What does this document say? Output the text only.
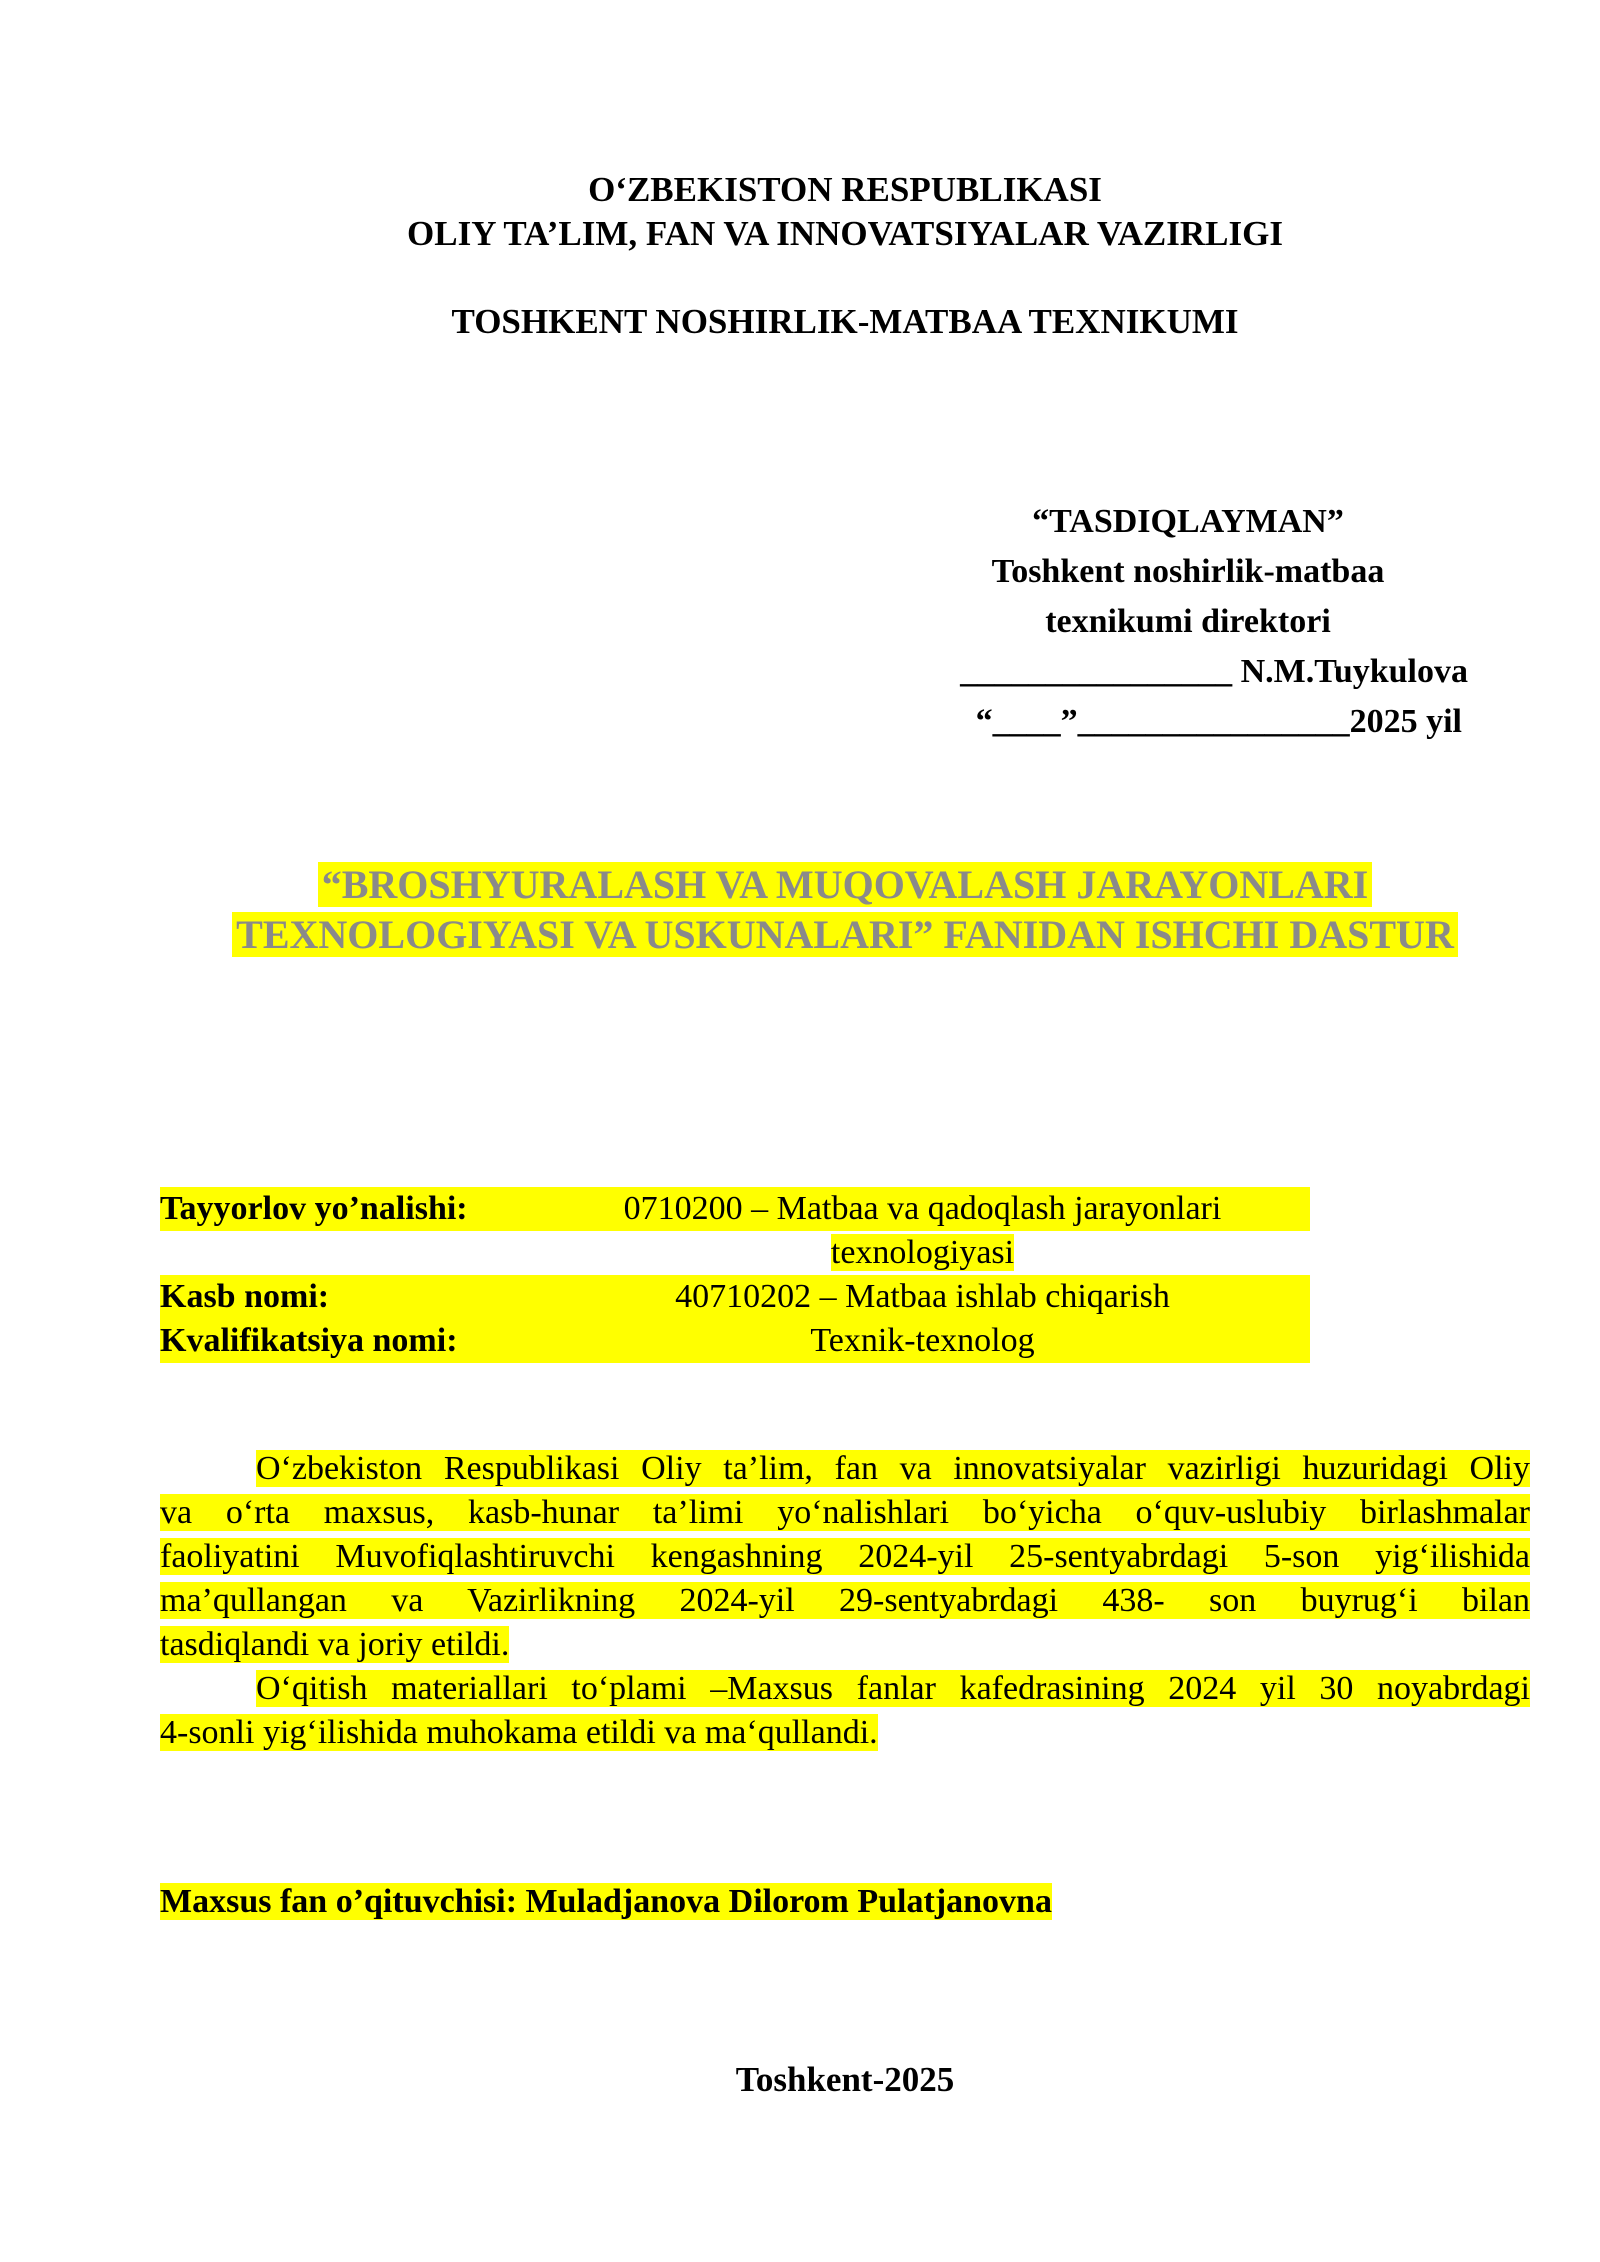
O‘ZBEKISTON RESPUBLIKASI
OLIY TA’LIM, FAN VA INNOVATSIYALAR VAZIRLIGI
TOSHKENT NOSHIRLIK-MATBAA TEXNIKUMI
“TASDIQLAYMAN”
Toshkent noshirlik-matbaa
texnikumi direktori
________________ N.M.Tuykulova
“____”________________2025 yil
“BROSHYURALASH VA MUQOVALASH JARAYONLARI
TEXNOLOGIYASI VA USKUNALARI” FANIDAN ISHCHI DASTUR
Tayyorlov yo’nalishi:	0710200 – Matbaa va qadoqlash jarayonlari
texnologiyasi
Kasb nomi:	40710202 – Matbaa ishlab chiqarish
Kvalifikatsiya nomi:	Texnik-texnolog

O‘zbekiston Respublikasi Oliy ta’lim, fan va innovatsiyalar vazirligi huzuridagi Oliy
va o‘rta maxsus, kasb-hunar ta’limi yo‘nalishlari bo‘yicha o‘quv-uslubiy birlashmalar
faoliyatini Muvofiqlashtiruvchi kengashning 2024-yil 25-sentyabrdagi 5-son yig‘ilishida
ma’qullangan va Vazirlikning 2024-yil 29-sentyabrdagi 438- son buyrug‘i bilan
tasdiqlandi va joriy etildi.

O‘qitish materiallari to‘plami –Maxsus fanlar kafedrasining 2024 yil 30 noyabrdagi
4-sonli yig‘ilishida muhokama etildi va ma‘qullandi.

Maxsus fan o’qituvchisi: Muladjanova Dilorom Pulatjanovna
Toshkent-2025
